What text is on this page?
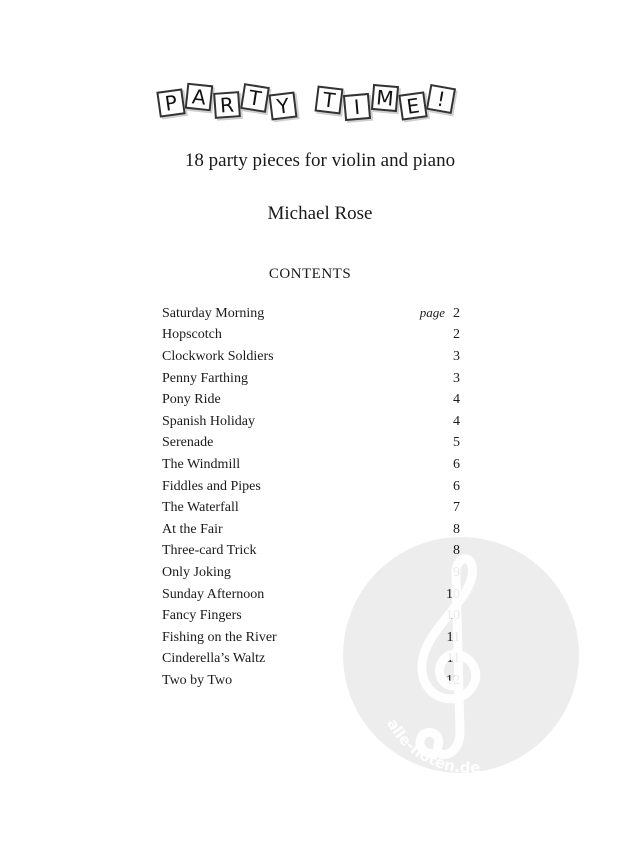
P A R T Y	T I M E !
18 party pieces for violin and piano
Michael Rose
CONTENTS
Saturday Morning	page 2
Hopscotch	2
Clockwork Soldiers	3
Penny Farthing	3
Pony Ride	4
Spanish Holiday	4
Serenade	5
The Windmill	6
Fiddles and Pipes	6
The Waterfall	7
At the Fair	8
Three-card Trick	8
Only Joking	9
Sunday Afternoon	10
Fancy Fingers	10
Fishing on the River	11
Cinderella’s Waltz	11
Two by Two	12
alle-noten.de
